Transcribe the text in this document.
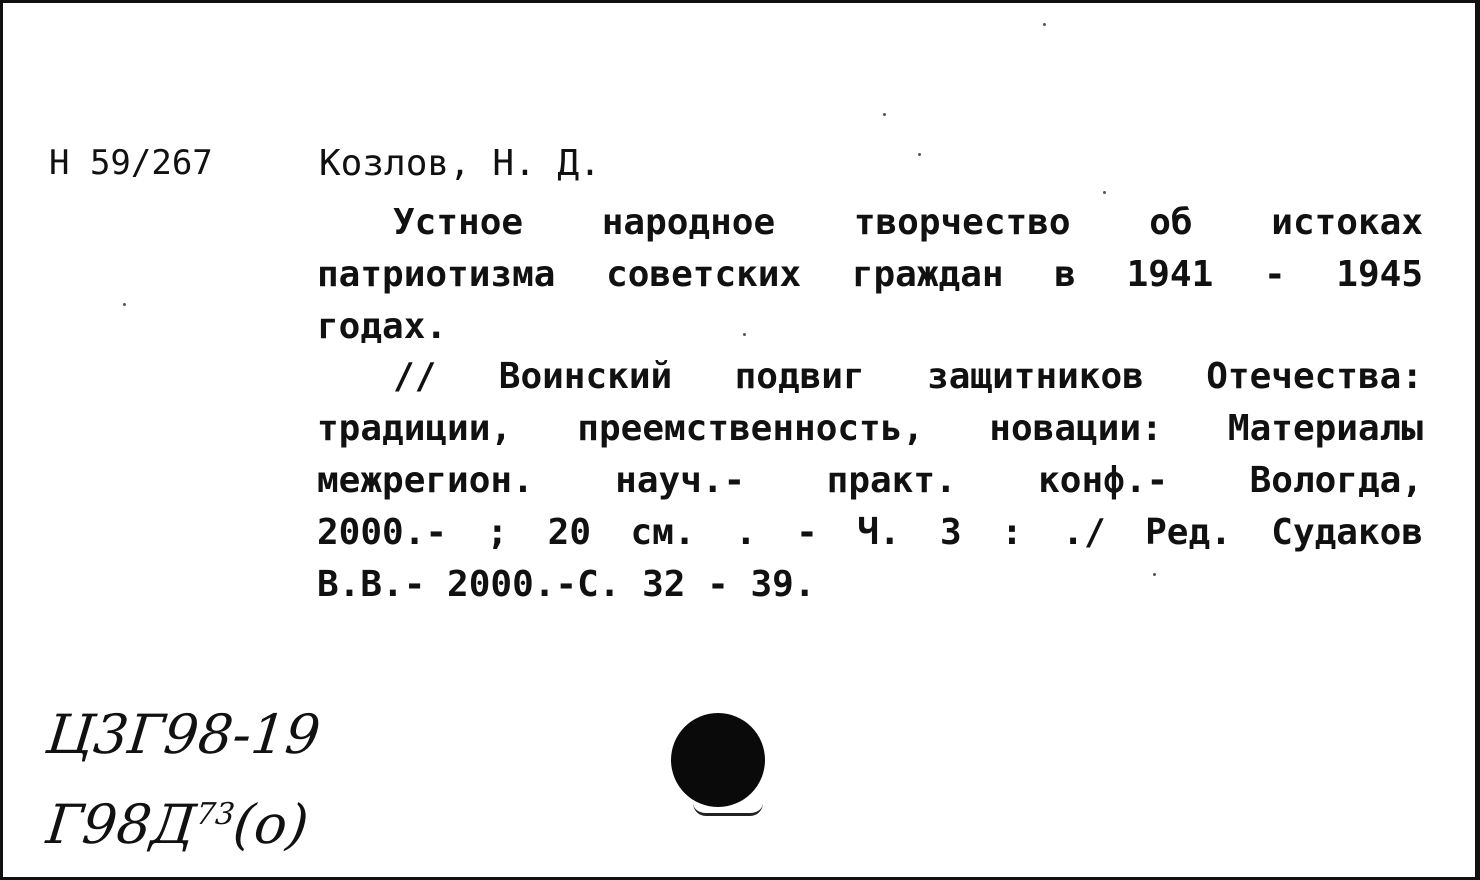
Н 59/267	Козлов, Н. Д.
Устное народное творчество об истоках
патриотизма советских граждан в 1941 - 1945
годах.
// Воинский подвиг защитников Отечества:
традиции, преемственность, новации: Материалы
межрегион. науч.- практ. конф.- Вологда,
2000.- ; 20 см. . - Ч. 3 : ./ Ред. Судаков
В.В.- 2000.-С. 32 - 39.
Ц3Г98-19
$Г98Д^{73}(о)$
